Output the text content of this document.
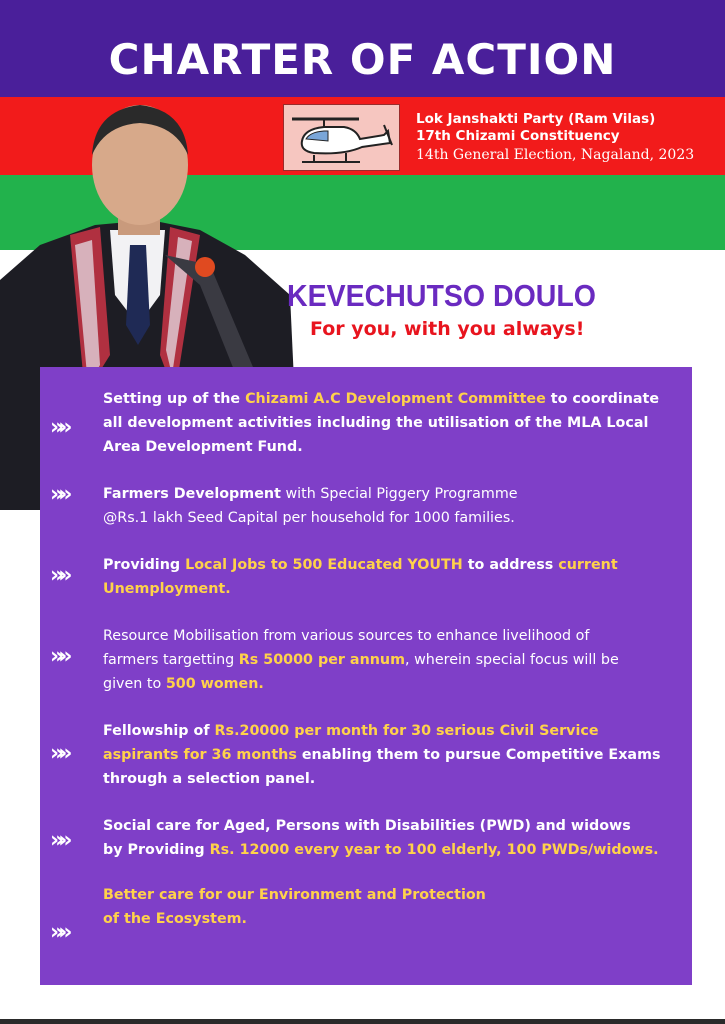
CHARTER OF ACTION
Lok Janshakti Party (Ram Vilas)
17th Chizami Constituency
14th General Election, Nagaland, 2023
KEVECHUTSO DOULO
For you, with you always!
»»
Setting up of the Chizami A.C Development Committee to coordinate
all development activities including the utilisation of the MLA Local
Area Development Fund.
»»	Farmers Development with Special Piggery Programme
@Rs.1 lakh Seed Capital per household for 1000 families.
»»	Providing Local Jobs to 500 Educated YOUTH to address current
Unemployment.
»»
Resource Mobilisation from various sources to enhance livelihood of
farmers targetting Rs 50000 per annum, wherein special focus will be
given to 500 women.
»»
Fellowship of Rs.20000 per month for 30 serious Civil Service
aspirants for 36 months enabling them to pursue Competitive Exams
through a selection panel.
»»
Social care for Aged, Persons with Disabilities (PWD) and widows
by Providing Rs. 12000 every year to 100 elderly, 100 PWDs/widows.
»»
Better care for our Environment and Protection
of the Ecosystem.
